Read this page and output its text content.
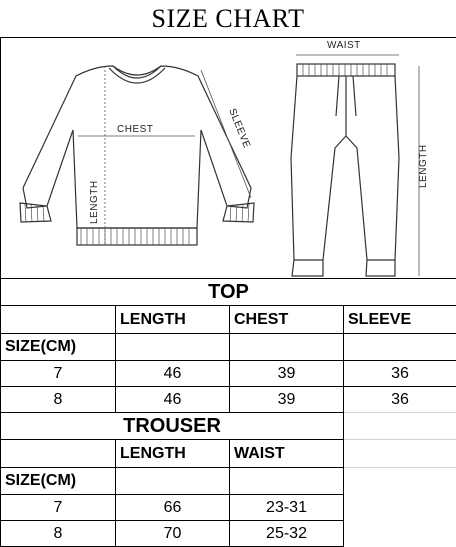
SIZE CHART
CHEST
LENGTH
SLEEVE
WAIST
LENGTH
TOP			
	LENGTH	CHEST	SLEEVE
SIZE(CM)			
7	46	39	36
8	46	39	36
TROUSER			
	LENGTH	WAIST	
SIZE(CM)			
7	66	23-31	
8	70	25-32	
